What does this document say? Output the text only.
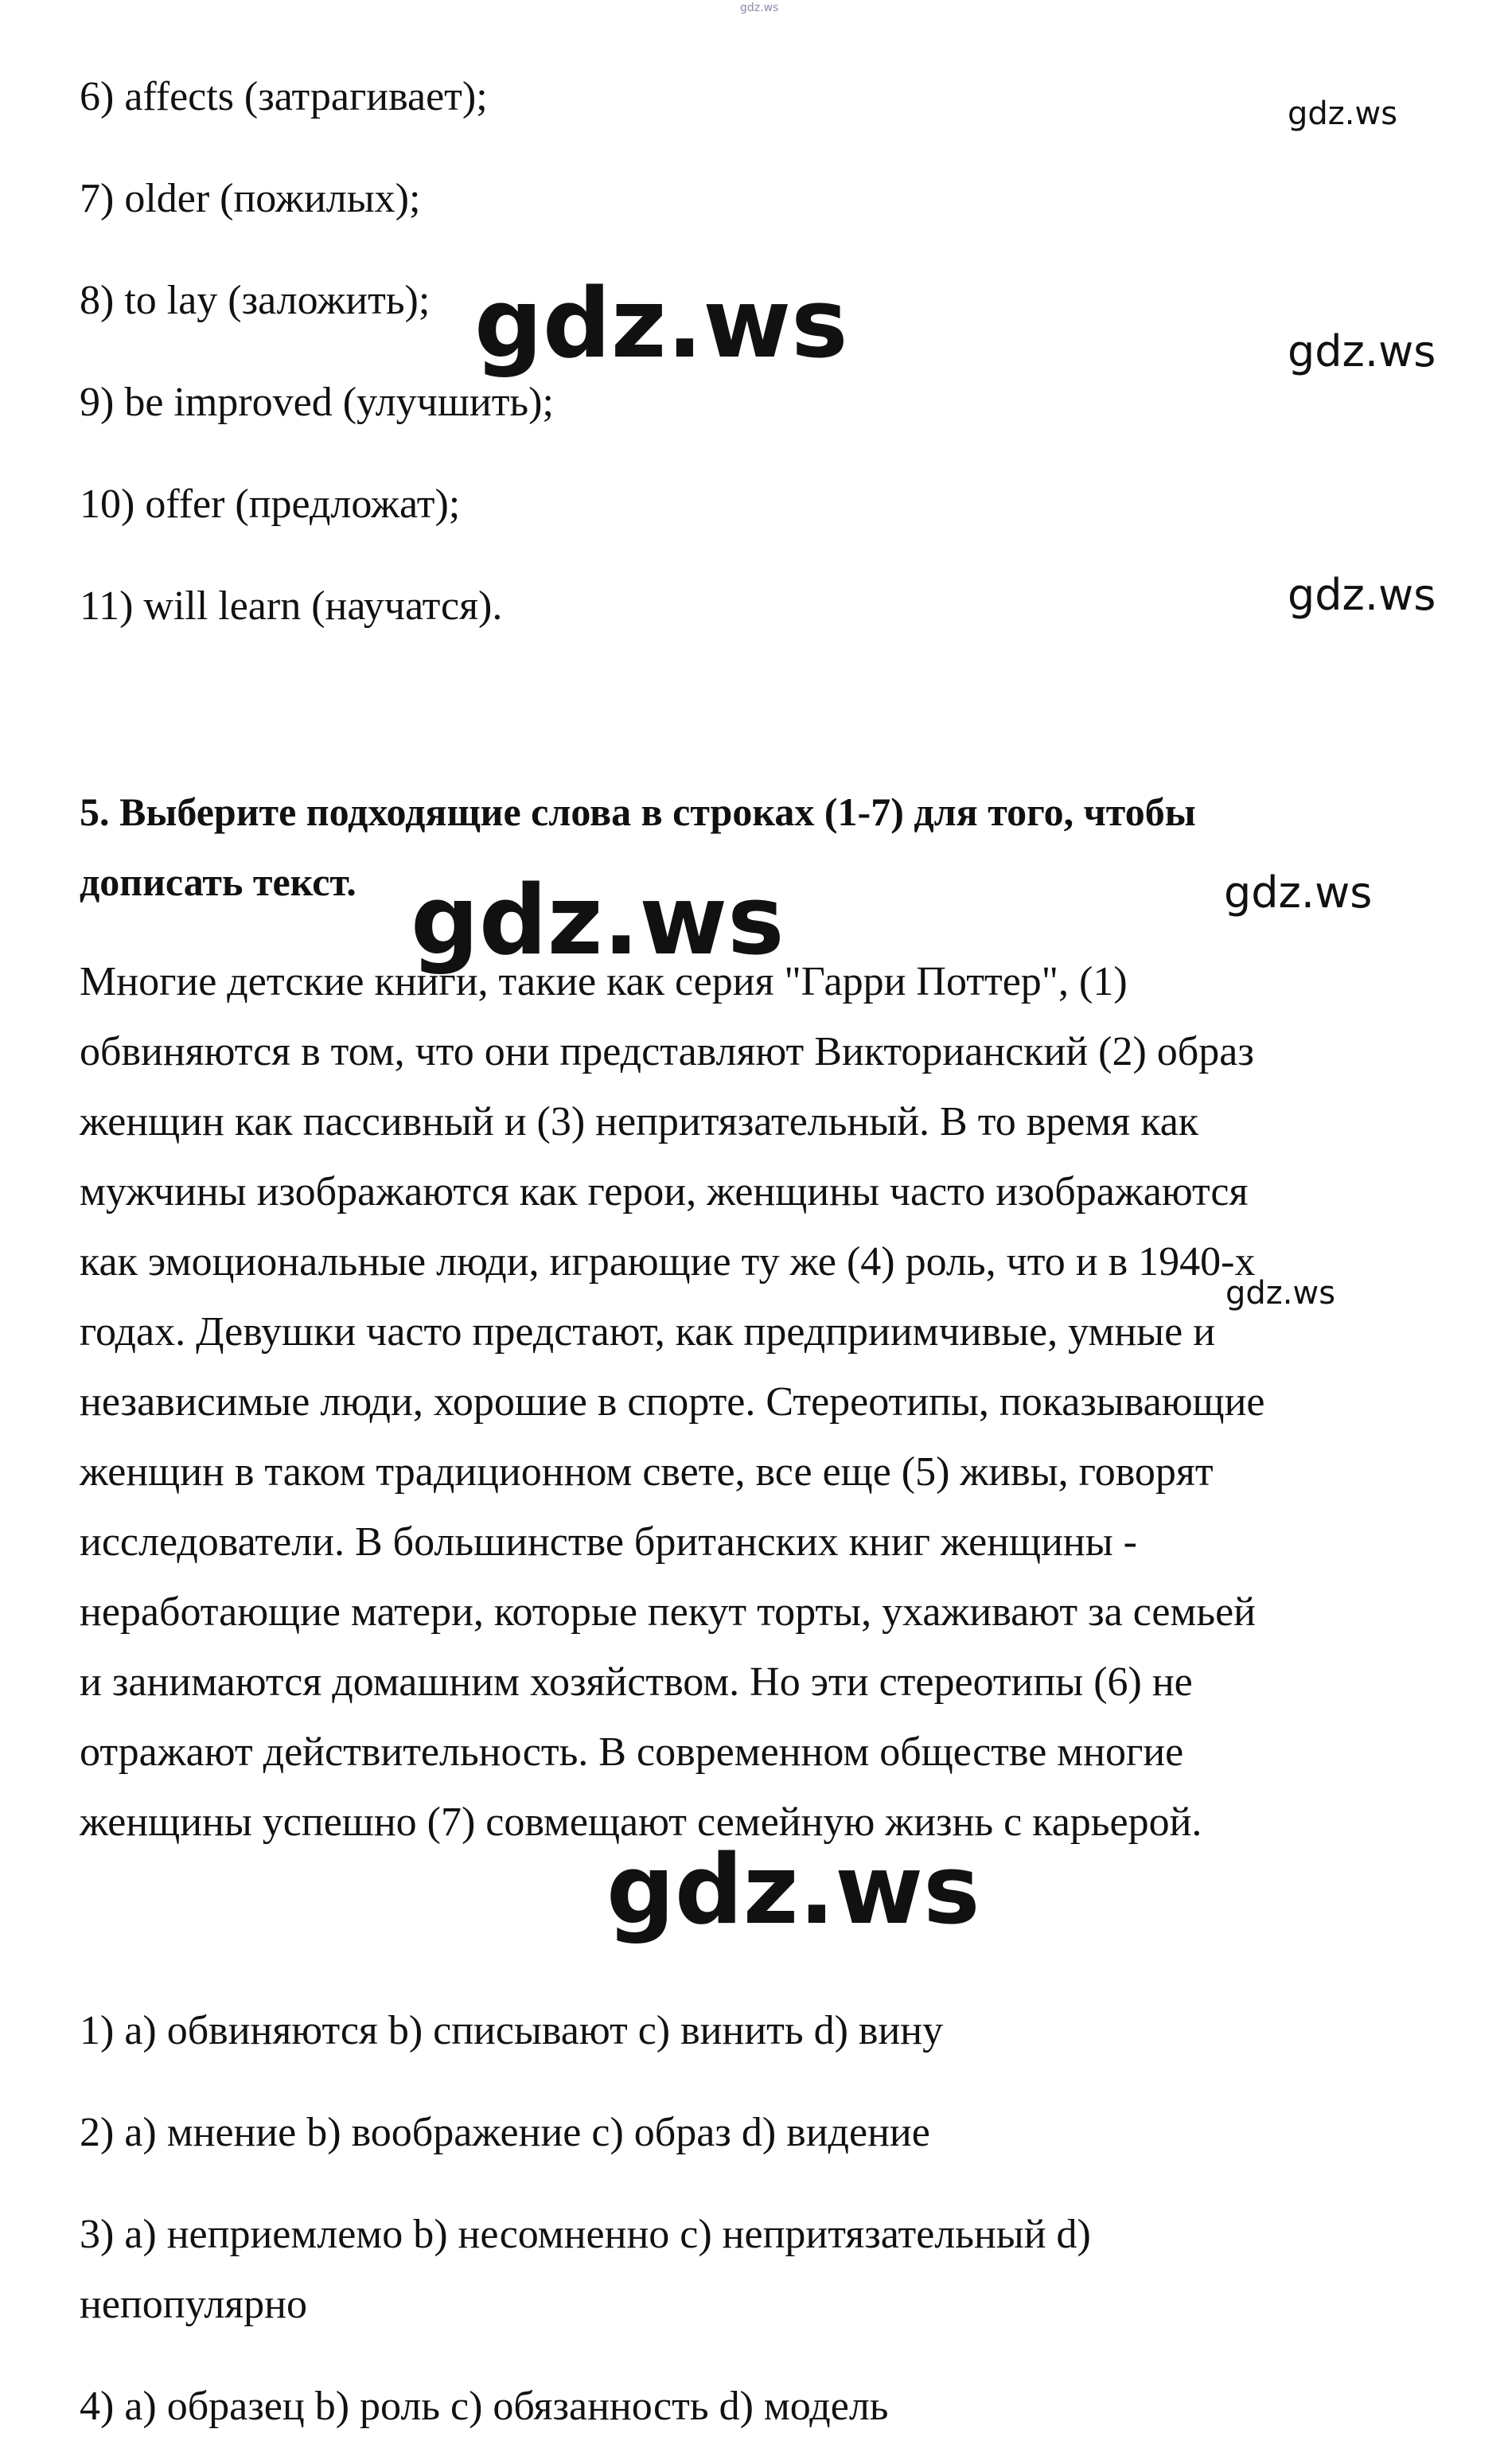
gdz.ws
6) affects (затрагивает);
7) older (пожилых);
8) to lay (заложить);
9) be improved (улучшить);
10) offer (предложат);
11) will learn (научатся).
5. Выберите подходящие слова в строках (1-7) для того, чтобы
дописать текст.
Многие детские книги, такие как серия "Гарри Поттер", (1)
обвиняются в том, что они представляют Викторианский (2) образ
женщин как пассивный и (3) непритязательный. В то время как
мужчины изображаются как герои, женщины часто изображаются
как эмоциональные люди, играющие ту же (4) роль, что и в 1940-х
годах. Девушки часто предстают, как предприимчивые, умные и
независимые люди, хорошие в спорте. Стереотипы, показывающие
женщин в таком традиционном свете, все еще (5) живы, говорят
исследователи. В большинстве британских книг женщины -
неработающие матери, которые пекут торты, ухаживают за семьей
и занимаются домашним хозяйством. Но эти стереотипы (6) не
отражают действительность. В современном обществе многие
женщины успешно (7) совмещают семейную жизнь с карьерой.
1) a) обвиняются b) списывают c) винить d) вину
2) a) мнение b) воображение c) образ d) видение
3) a) неприемлемо b) несомненно c) непритязательный d) непопулярно
4) a) образец b) роль c) обязанность d) модель
gdz.ws
gdz.ws	gdz.ws
gdz.ws
gdz.ws	gdz.ws
gdz.ws
gdz.ws
